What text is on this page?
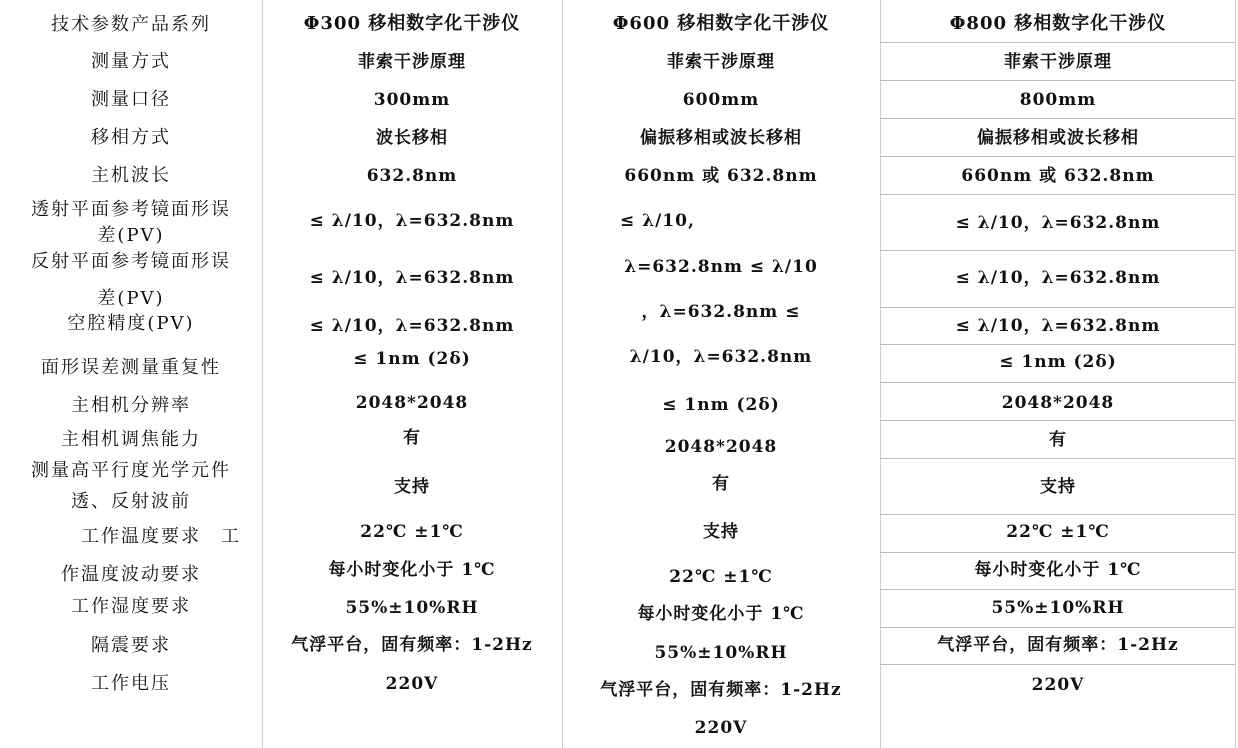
技术参数产品系列
测量方式
测量口径
移相方式
主机波长
透射平面参考镜面形误
差(PV)
反射平面参考镜面形误
差(PV)
空腔精度(PV)
面形误差测量重复性
主相机分辨率
主相机调焦能力
测量高平行度光学元件
透、反射波前
工作温度要求　工
作温度波动要求
工作湿度要求
隔震要求
工作电压
Φ300 移相数字化干涉仪
菲索干涉原理
300mm
波长移相
632.8nm
≤ λ/10，λ=632.8nm
≤ λ/10，λ=632.8nm
≤ λ/10，λ=632.8nm
≤ 1nm (2δ)
2048*2048
有
支持
22℃ ±1℃
每小时变化小于 1℃
55%±10%RH
气浮平台，固有频率：1-2Hz
220V
Φ600 移相数字化干涉仪
菲索干涉原理
600mm
偏振移相或波长移相
660nm 或 632.8nm
≤ λ/10,
λ=632.8nm ≤ λ/10
，λ=632.8nm ≤
λ/10，λ=632.8nm
≤ 1nm (2δ)
2048*2048
有
支持
22℃ ±1℃
每小时变化小于 1℃
55%±10%RH
气浮平台，固有频率：1-2Hz
220V
Φ800 移相数字化干涉仪
菲索干涉原理
800mm
偏振移相或波长移相
660nm 或 632.8nm
≤ λ/10，λ=632.8nm
≤ λ/10，λ=632.8nm
≤ λ/10，λ=632.8nm
≤ 1nm (2δ)
2048*2048
有
支持
22℃ ±1℃
每小时变化小于 1℃
55%±10%RH
气浮平台，固有频率：1-2Hz
220V
